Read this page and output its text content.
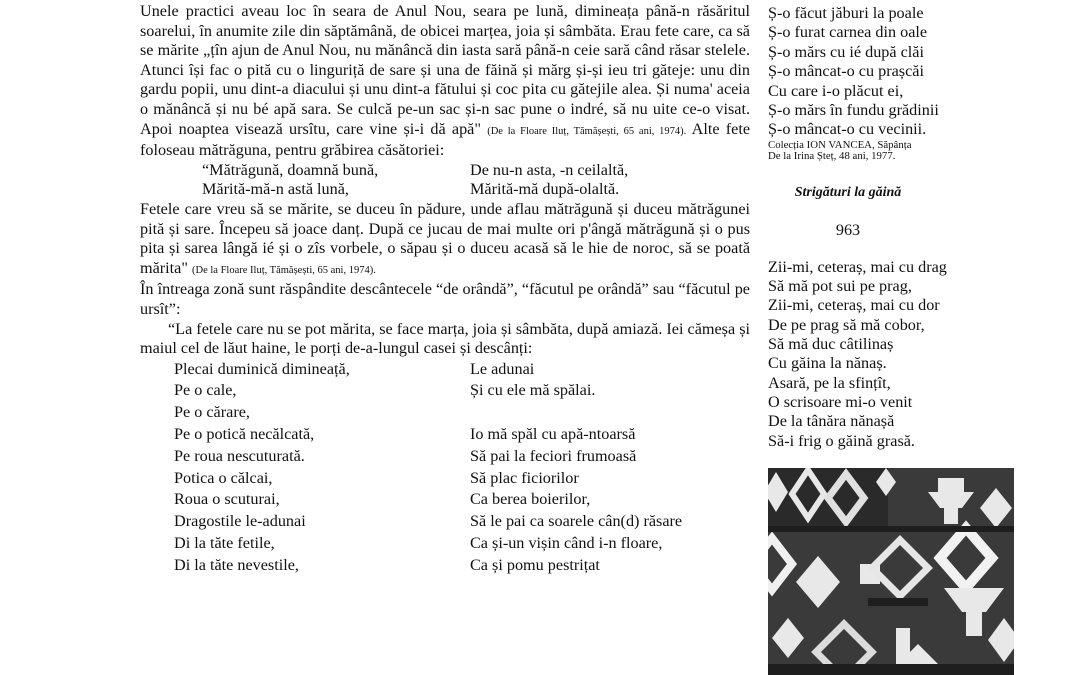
Unele practici aveau loc în seara de Anul Nou, seara pe lună, dimineața până-n răsăritul soarelui, în anumite zile din săptămână, de obicei marțea, joia și sâmbăta. Erau fete care, ca să se mărite „țîn ajun de Anul Nou, nu mănâncă din iasta sară până-n ceie sară când răsar stelele. Atunci își fac o pită cu o linguriță de sare și una de făină și mărg și-și ieu tri găteje: unu din gardu popii, unu dint-a diacului și unu dint-a fătului și coc pita cu gătejile alea. Și numa' aceia o mănâncă și nu bé apă sara. Se culcă pe-un sac și-n sac pune o indré, să nu uite ce-o visat. Apoi noaptea visează ursîtu, care vine și-i dă apă" (De la Floare Iluț, Tămășești, 65 ani, 1974). Alte fete foloseau mătrăguna, pentru grăbirea căsătoriei:

“Mătrăgună, doamnă bună,	De nu-n asta, -n ceilaltă,
Mărită-mă-n astă lună,	Mărită-mă după-olaltă.

Fetele care vreu să se mărite, se duceu în pădure, unde aflau mătrăgună și duceu mătrăgunei pită și sare. Începeu să joace danț. După ce jucau de mai multe ori p'ângă mătrăgună și o pus pita și sarea lângă ié și o zîs vorbele, o săpau și o duceu acasă să le hie de noroc, să se poată mărita" (De la Floare Iluț, Tămășești, 65 ani, 1974).

În întreaga zonă sunt răspândite descântecele “de orândă”, “făcutul pe orândă” sau “făcutul pe ursît”:

“La fetele care nu se pot mărita, se face marța, joia și sâmbăta, după amiază. Iei cămeșa și maiul cel de lăut haine, le porți de-a-lungul casei și descânți:

Plecai duminică dimineață,
Pe o cale,
Pe o cărare,
Pe o potică necălcată,
Pe roua nescuturată.
Potica o călcai,
Roua o scuturai,
Dragostile le-adunai
Di la tăte fetile,
Di la tăte nevestile,
Le adunai
Și cu ele mă spălai.
Io mă spăl cu apă-ntoarsă
Să pai la feciori frumoasă
Să plac ficiorilor
Ca berea boierilor,
Să le pai ca soarele cân(d) răsare
Ca și-un vișin când i-n floare,
Ca și pomu pestrițat
Ș-o făcut jăburi la poale
Ș-o furat carnea din oale
Ș-o mărs cu ié după clăi
Ș-o mâncat-o cu prașcăi
Cu care i-o plăcut ei,
Ș-o mărs în fundu grădinii
Ș-o mâncat-o cu vecinii.
Colecția ION VANCEA, Săpânța
De la Irina Șteț, 48 ani, 1977.
Strigături la găină
963
Zii-mi, ceteraș, mai cu drag
Să mă pot sui pe prag,
Zii-mi, ceteraș, mai cu dor
De pe prag să mă cobor,
Să mă duc câtilinaș
Cu găina la nănaș.
Asară, pe la sfințît,
O scrisoare mi-o venit
De la tânăra nănașă
Să-i frig o găină grasă.
